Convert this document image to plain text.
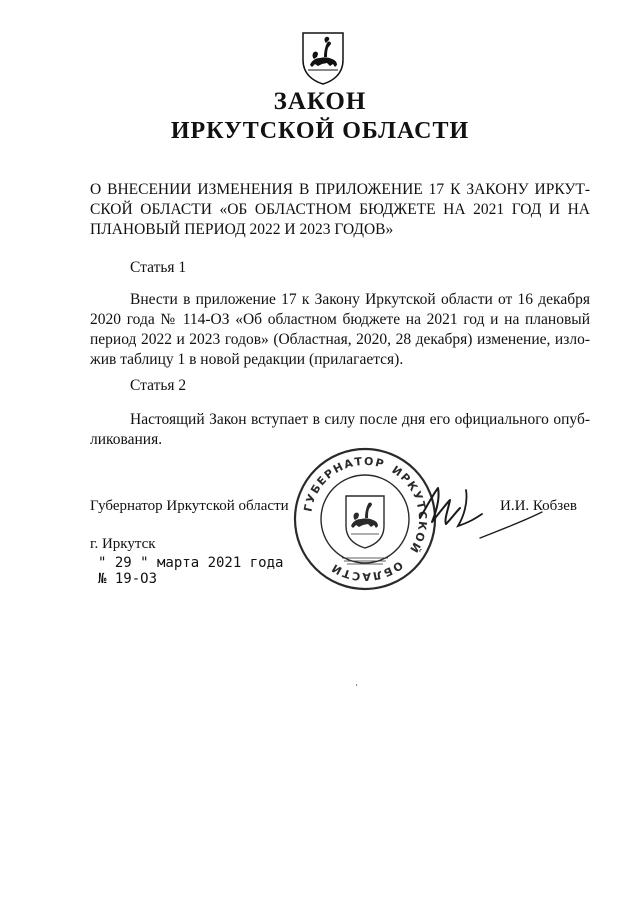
ЗАКОН
ИРКУТСКОЙ ОБЛАСТИ
О ВНЕСЕНИИ ИЗМЕНЕНИЯ В ПРИЛОЖЕНИЕ 17 К ЗАКОНУ ИРКУТ-
СКОЙ ОБЛАСТИ «ОБ ОБЛАСТНОМ БЮДЖЕТЕ НА 2021 ГОД И НА
ПЛАНОВЫЙ ПЕРИОД 2022 И 2023 ГОДОВ»
Статья 1
Внести в приложение 17 к Закону Иркутской области от 16 декабря
2020 года № 114-ОЗ «Об областном бюджете на 2021 год и на плановый
период 2022 и 2023 годов» (Областная, 2020, 28 декабря) изменение, изло-
жив таблицу 1 в новой редакции (прилагается).
Статья 2
Настоящий Закон вступает в силу после дня его официального опуб-
ликования.
ГУБЕРНАТОР ИРКУТСКОЙ
ОБЛАСТИ
Губернатор Иркутской области	И.И. Кобзев
г. Иркутск
" 29 " марта 2021 года
№ 19-ОЗ
